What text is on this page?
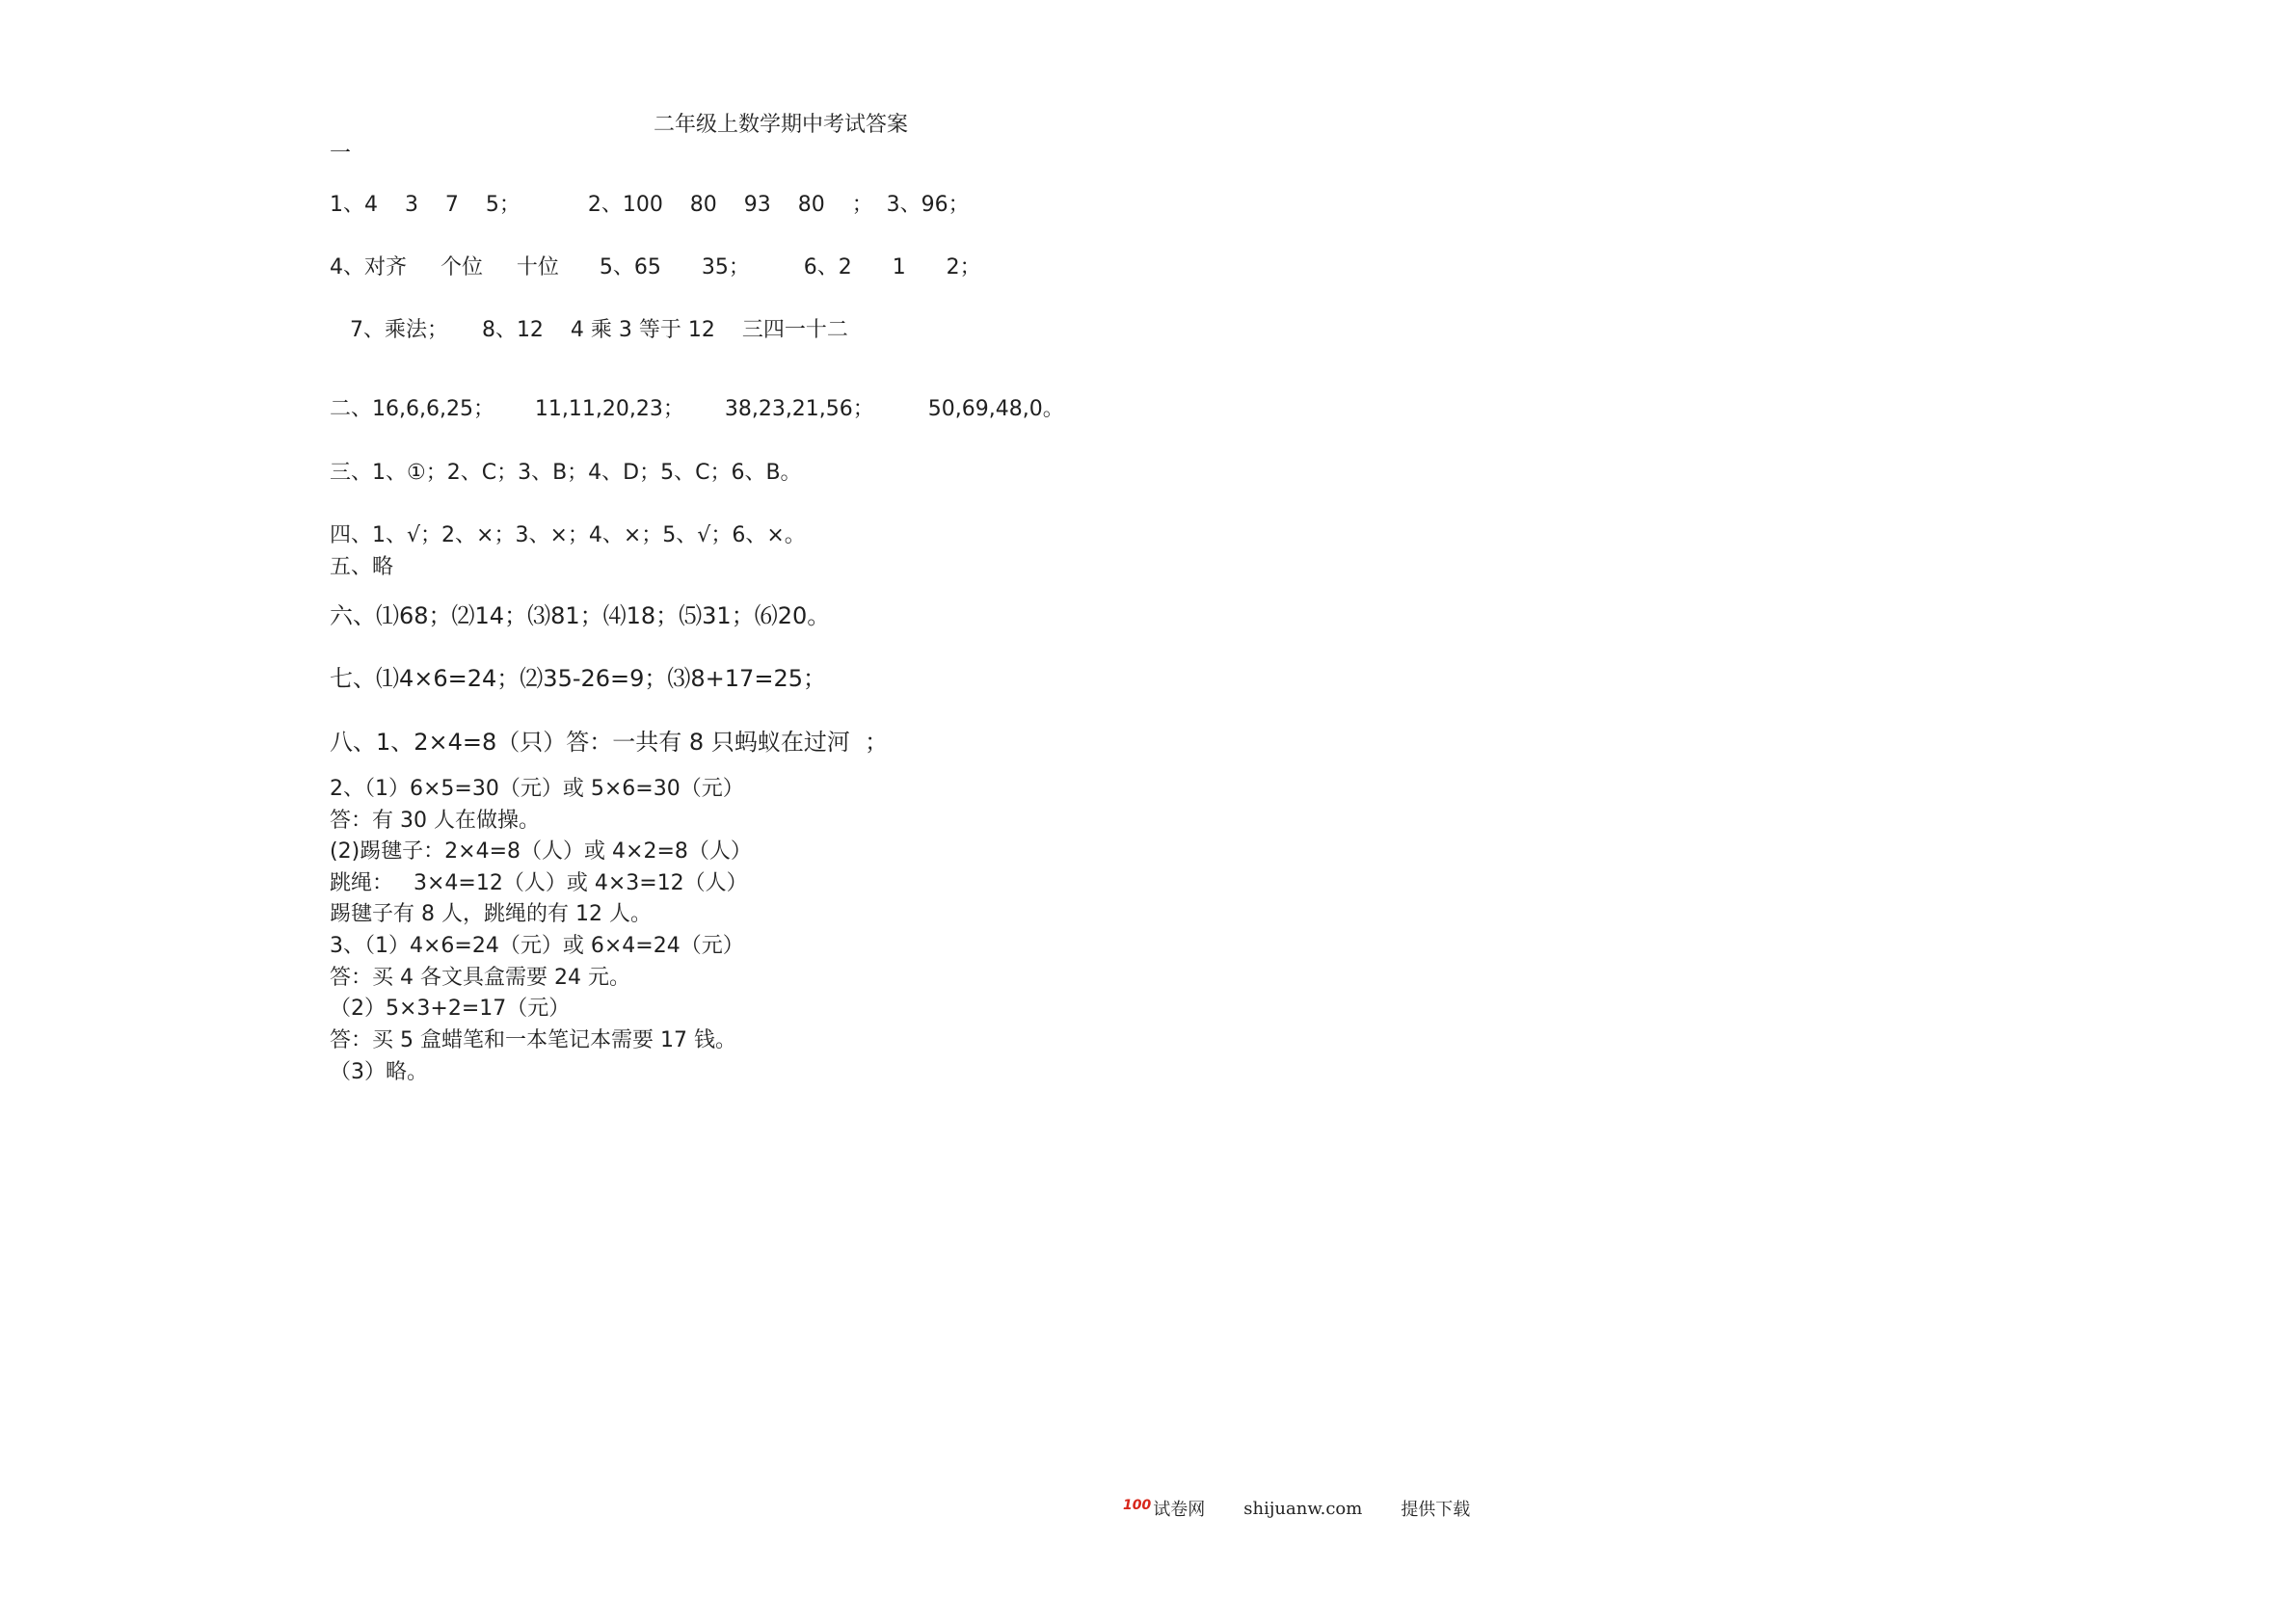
二年级上数学期中考试答案
一
1、4    3    7    5；          2、100    80    93    80    ；  3、96；
4、对齐     个位     十位      5、65      35；        6、2      1      2；
7、乘法；     8、12    4 乘 3 等于 12    三四一十二
二、16,6,6,25；      11,11,20,23；      38,23,21,56；        50,69,48,0。
三、1、①；2、C；3、B；4、D；5、C；6、B。
四、1、√；2、×；3、×；4、×；5、√；6、×。
五、略
六、⑴68；⑵14；⑶81；⑷18；⑸31；⑹20。
七、⑴4×6=24；⑵35-26=9；⑶8+17=25；
八、1、2×4=8（只）答：一共有 8 只蚂蚁在过河  ；
2、（1）6×5=30（元）或 5×6=30（元）
答：有 30 人在做操。
(2)踢毽子：2×4=8（人）或 4×2=8（人）
跳绳：   3×4=12（人）或 4×3=12（人）
踢毽子有 8 人，跳绳的有 12 人。
3、（1）4×6=24（元）或 6×4=24（元）
答：买 4 各文具盒需要 24 元。
（2）5×3+2=17（元）
答：买 5 盒蜡笔和一本笔记本需要 17 钱。
（3）略。
100 试卷网 shijuanw.com 提供下载
